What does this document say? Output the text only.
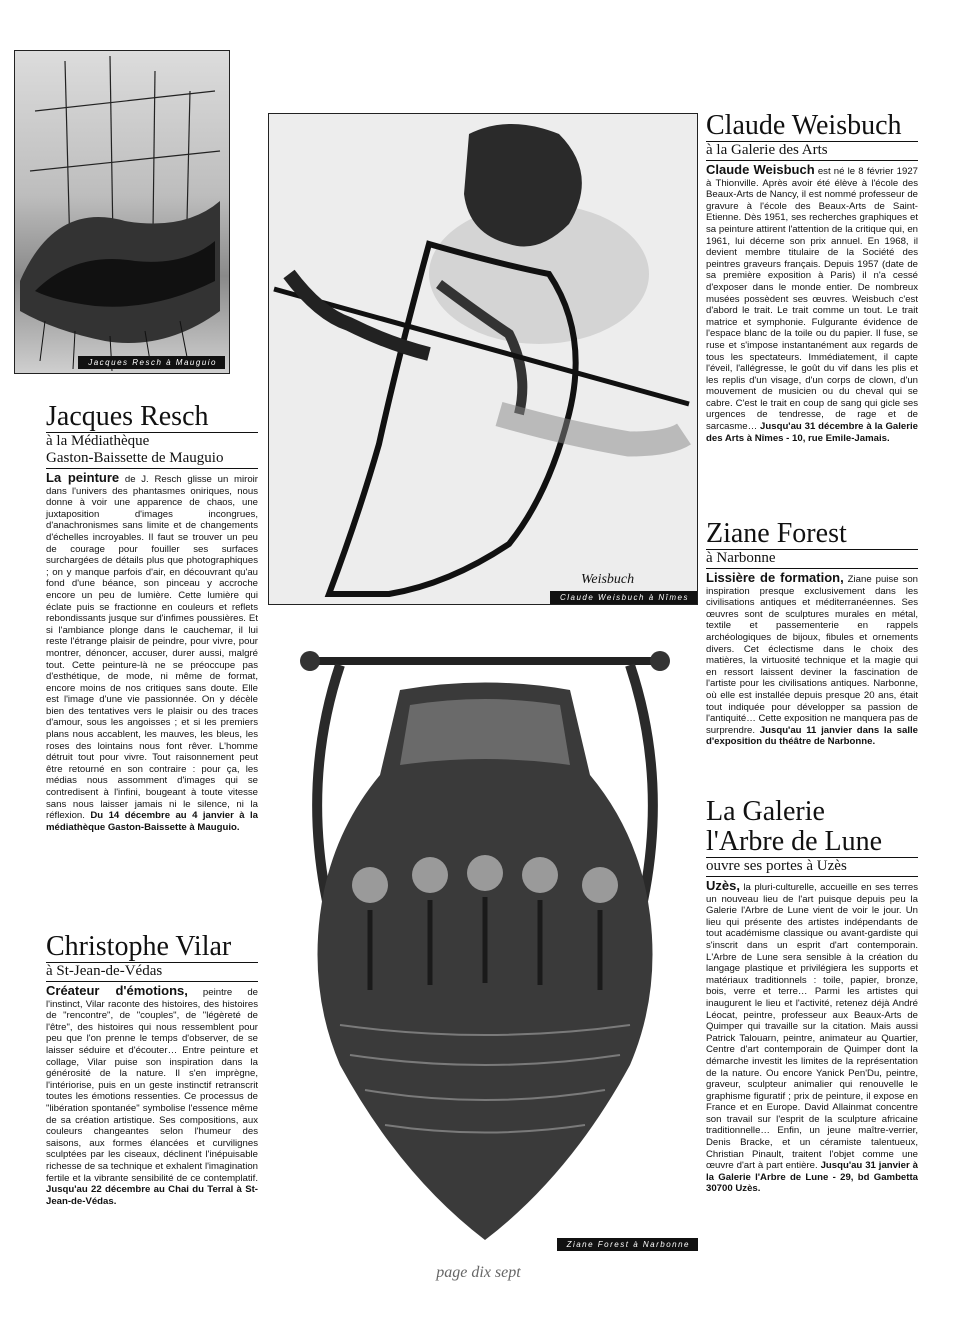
Jacques Resch à Mauguio
Weisbuch
Claude Weisbuch à Nîmes
Ziane Forest à Narbonne
Jacques Resch
à la Médiathèque
Gaston-Baissette de Mauguio

La peinture de J. Resch glisse un miroir dans l'univers des phantasmes oniriques, nous donne à voir une apparence de chaos, une juxtaposition d'images incongrues, d'anachronismes sans limite et de changements d'échelles incroyables. Il faut se trouver un peu de courage pour fouiller ses surfaces surchargées de détails plus que photographiques ; on y manque parfois d'air, en découvrant qu'au fond d'une béance, son pinceau y accroche encore un peu de lumière. Cette lumière qui éclate puis se fractionne en couleurs et reflets rebondissants jusque sur d'infimes poussières. Et si l'ambiance plonge dans le cauchemar, il lui reste l'étrange plaisir de peindre, pour vivre, pour montrer, dénoncer, accuser, durer aussi, malgré tout. Cette peinture-là ne se préoccupe pas d'esthétique, de mode, ni même de format, encore moins de nos critiques sans doute. Elle est l'image d'une vie passionnée. On y décèle bien des tentatives vers le plaisir ou des traces d'amour, sous les angoisses ; et si les premiers plans nous accablent, les mauves, les bleus, les roses des lointains nous font rêver. L'homme détruit tout pour vivre. Tout raisonnement peut être retourné en son contraire : pour ça, les médias nous assomment d'images qui se contredisent à l'infini, bougeant à toute vitesse sans nous laisser jamais ni le silence, ni la réflexion. Du 14 décembre au 4 janvier à la médiathèque Gaston-Baissette à Mauguio.

Christophe Vilar
à St-Jean-de-Védas

Créateur d'émotions, peintre de l'instinct, Vilar raconte des histoires, des histoires de "rencontre", de "couples", de "légèreté de l'être", des histoires qui nous ressemblent pour peu que l'on prenne le temps d'observer, de se laisser séduire et d'écouter… Entre peinture et collage, Vilar puise son inspiration dans la générosité de la nature. Il s'en imprègne, l'intériorise, puis en un geste instinctif retranscrit toutes les émotions ressenties. Ce processus de "libération spontanée" symbolise l'essence même de sa création artistique. Ses compositions, aux couleurs changeantes selon l'humeur des saisons, aux formes élancées et curvilignes sculptées par les ciseaux, déclinent l'inépuisable richesse de sa technique et exhalent l'imagination fertile et la vibrante sensibilité de ce contemplatif. Jusqu'au 22 décembre au Chai du Terral à St-Jean-de-Védas.

Claude Weisbuch
à la Galerie des Arts

Claude Weisbuch est né le 8 février 1927 à Thionville. Après avoir été élève à l'école des Beaux-Arts de Nancy, il est nommé professeur de gravure à l'école des Beaux-Arts de Saint-Etienne. Dès 1951, ses recherches graphiques et sa peinture attirent l'attention de la critique qui, en 1961, lui décerne son prix annuel. En 1968, il devient membre titulaire de la Société des peintres graveurs français. Depuis 1957 (date de sa première exposition à Paris) il n'a cessé d'exposer dans le monde entier. De nombreux musées possèdent ses œuvres. Weisbuch c'est d'abord le trait. Le trait comme un tout. Le trait matrice et symphonie. Fulgurante évidence de l'espace blanc de la toile ou du papier. Il fuse, se ruse et s'impose instantanément aux regards de tous les spectateurs. Immédiatement, il capte l'éveil, l'allégresse, le goût du vif dans les plis et les replis d'un visage, d'un corps de clown, d'un mouvement de musicien ou du cheval qui se cabre. C'est le trait en coup de sang qui gicle ses urgences de tendresse, de rage et de sarcasme… Jusqu'au 31 décembre à la Galerie des Arts à Nîmes - 10, rue Emile-Jamais.

Ziane Forest
à Narbonne

Lissière de formation, Ziane puise son inspiration presque exclusivement dans les civilisations antiques et méditerranéennes. Ses œuvres sont de sculptures murales en métal, textile et passementerie en rappels archéologiques de bijoux, fibules et ornements divers. Cet éclectisme dans le choix des matières, la virtuosité technique et la magie qui en ressort laissent deviner la fascination de l'artiste pour les civilisations antiques. Narbonne, où elle est installée depuis presque 20 ans, était tout indiquée pour développer sa passion de l'antiquité… Cette exposition ne manquera pas de surprendre. Jusqu'au 11 janvier dans la salle d'exposition du théâtre de Narbonne.

La Galerie
l'Arbre de Lune
ouvre ses portes à Uzès

Uzès, la pluri-culturelle, accueille en ses terres un nouveau lieu de l'art puisque depuis peu la Galerie l'Arbre de Lune vient de voir le jour. Un lieu qui présente des artistes indépendants de tout académisme classique ou avant-gardiste qui s'inscrit dans un esprit d'art contemporain. L'Arbre de Lune sera sensible à la création du langage plastique et privilégiera les supports et matériaux traditionnels : toile, papier, bronze, bois, verre et terre… Parmi les artistes qui inaugurent le lieu et l'activité, retenez déjà André Léocat, peintre, professeur aux Beaux-Arts de Quimper qui travaille sur la citation. Mais aussi Patrick Talouarn, peintre, animateur au Quartier, Centre d'art contemporain de Quimper dont la démarche investit les limites de la représentation de la nature. Ou encore Yanick Pen'Du, peintre, graveur, sculpteur animalier qui renouvelle le graphisme figuratif ; prix de peinture, il expose en France et en Europe. David Allainmat concentre son travail sur l'esprit de la sculpture africaine traditionnelle… Enfin, un jeune maître-verrier, Denis Bracke, et un céramiste talentueux, Christian Pinault, traitent l'objet comme une œuvre d'art à part entière. Jusqu'au 31 janvier à la Galerie l'Arbre de Lune - 29, bd Gambetta 30700 Uzès.

page dix sept
